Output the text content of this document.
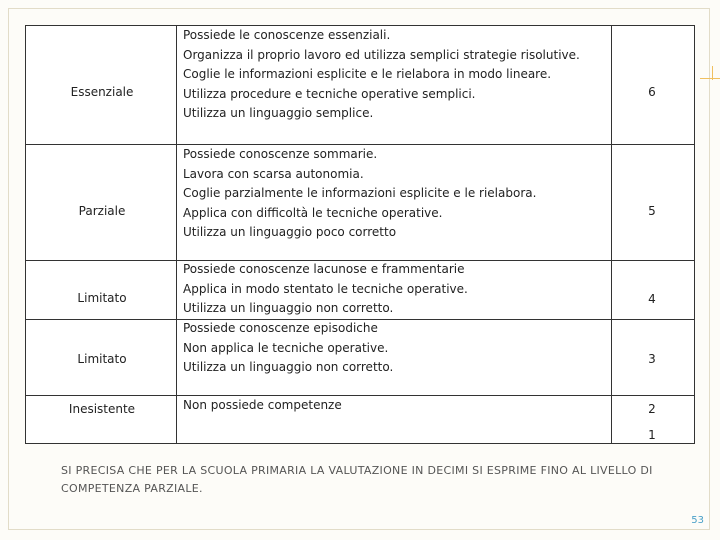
Essenziale
Possiede le conoscenze essenziali.
Organizza il proprio lavoro ed utilizza semplici strategie risolutive.
Coglie le informazioni esplicite e le rielabora in modo lineare.
Utilizza procedure e tecniche operative semplici.
Utilizza un linguaggio semplice.
6
Parziale
Possiede conoscenze sommarie.
Lavora con scarsa autonomia.
Coglie parzialmente le informazioni esplicite e le rielabora.
Applica con difficoltà le tecniche operative.
Utilizza un linguaggio poco corretto
5
Limitato
Possiede conoscenze lacunose e frammentarie
Applica in modo stentato le tecniche operative.
Utilizza un linguaggio non corretto.
4
Limitato
Possiede conoscenze episodiche
Non applica le tecniche operative.
Utilizza un linguaggio non corretto.
3
Inesistente	Non possiede competenze	2
1
SI PRECISA CHE PER LA SCUOLA PRIMARIA LA VALUTAZIONE IN DECIMI SI ESPRIME FINO AL LIVELLO DI COMPETENZA PARZIALE.
53
